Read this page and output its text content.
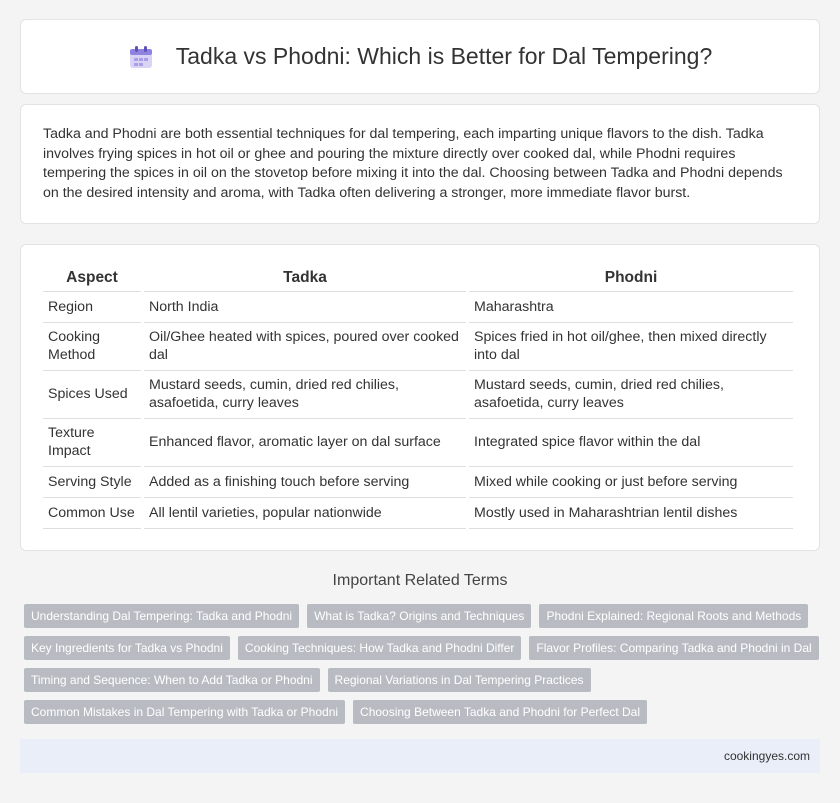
Tadka vs Phodni: Which is Better for Dal Tempering?

Tadka and Phodni are both essential techniques for dal tempering, each imparting unique flavors to the dish. Tadka involves frying spices in hot oil or ghee and pouring the mixture directly over cooked dal, while Phodni requires tempering the spices in oil on the stovetop before mixing it into the dal. Choosing between Tadka and Phodni depends on the desired intensity and aroma, with Tadka often delivering a stronger, more immediate flavor burst.

Aspect	Tadka	Phodni
Region	North India	Maharashtra
Cooking Method	Oil/Ghee heated with spices, poured over cooked dal	Spices fried in hot oil/ghee, then mixed directly into dal
Spices Used	Mustard seeds, cumin, dried red chilies, asafoetida, curry leaves	Mustard seeds, cumin, dried red chilies, asafoetida, curry leaves
Texture Impact	Enhanced flavor, aromatic layer on dal surface	Integrated spice flavor within the dal
Serving Style	Added as a finishing touch before serving	Mixed while cooking or just before serving
Common Use	All lentil varieties, popular nationwide	Mostly used in Maharashtrian lentil dishes
Important Related Terms
Understanding Dal Tempering: Tadka and Phodni	What is Tadka? Origins and Techniques	Phodni Explained: Regional Roots and Methods
Key Ingredients for Tadka vs Phodni	Cooking Techniques: How Tadka and Phodni Differ	Flavor Profiles: Comparing Tadka and Phodni in Dal
Timing and Sequence: When to Add Tadka or Phodni	Regional Variations in Dal Tempering Practices
Common Mistakes in Dal Tempering with Tadka or Phodni	Choosing Between Tadka and Phodni for Perfect Dal
cookingyes.com
